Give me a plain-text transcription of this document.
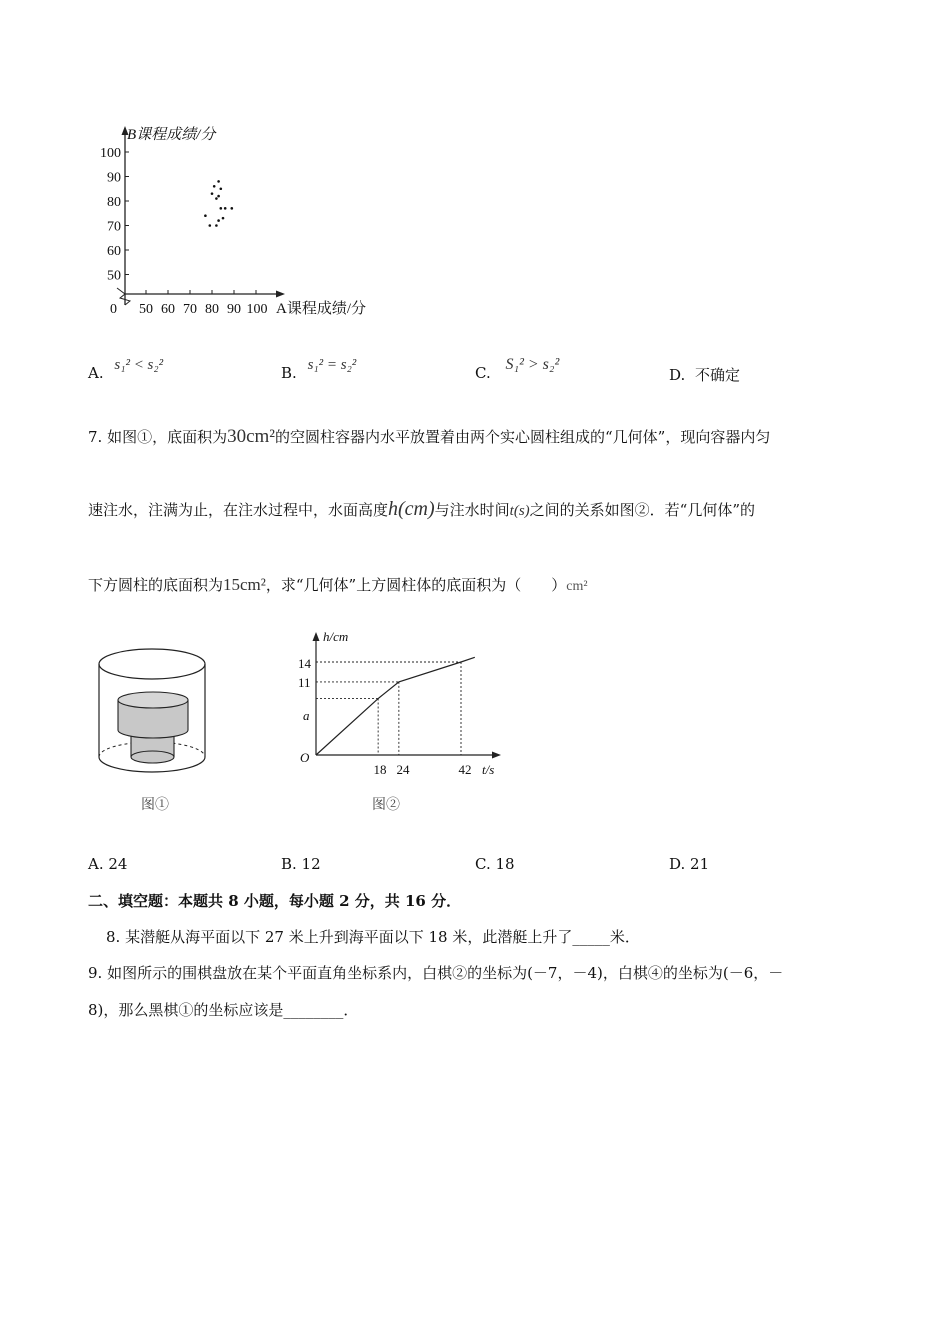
B课程成绩/分
100
90
80
70
60
50
0 50 60 70 80 90 100 A课程成绩/分
A. s₁² < s₂²	B. s₁² = s₂²	C. S₁² > s₂²
D. 不确定
7. 如图①，底面积为30cm²的空圆柱容器内水平放置着由两个实心圆柱组成的“几何体”，现向容器内匀
速注水，注满为止，在注水过程中，水面高度h(cm)与注水时间t(s)之间的关系如图②．若“几何体”的
下方圆柱的底面积为15cm²，求“几何体”上方圆柱体的底面积为（　　）cm²
图①
h/cm
t/s
O
14
11
a
18 24	42
图②
A. 24	B. 12	C. 18	D. 21
二、填空题：本题共 8 小题，每小题 2 分，共 16 分．
8. 某潜艇从海平面以下 27 米上升到海平面以下 18 米，此潜艇上升了_____米．
9. 如图所示的围棋盘放在某个平面直角坐标系内，白棋②的坐标为(－7，－4)，白棋④的坐标为(－6，－
8)，那么黑棋①的坐标应该是________．
